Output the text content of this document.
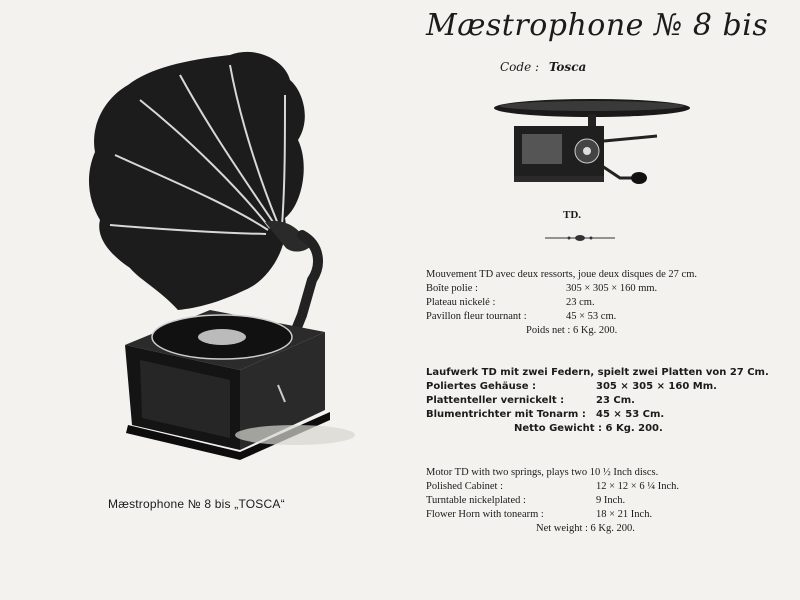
Mæstrophone № 8 bis „TOSCA“
Mæstrophone № 8 bis
Code : Tosca
TD.
Mouvement TD avec deux ressorts, joue deux disques de 27 cm.
Boîte polie :	305 × 305 × 160 mm.
Plateau nickelé :	23 cm.
Pavillon fleur tournant :	45 × 53 cm.
Poids net : 6 Kg. 200.
Laufwerk TD mit zwei Federn, spielt zwei Platten von 27 Cm.
Poliertes Gehäuse :	305 × 305 × 160 Mm.
Plattenteller vernickelt :	23 Cm.
Blumentrichter mit Tonarm : 45 × 53 Cm.
Netto Gewicht : 6 Kg. 200.
Motor TD with two springs, plays two 10 ½ Inch discs.
Polished Cabinet :	12 × 12 × 6 ¼ Inch.
Turntable nickelplated :	9 Inch.
Flower Horn with tonearm :	18 × 21 Inch.
Net weight : 6 Kg. 200.
